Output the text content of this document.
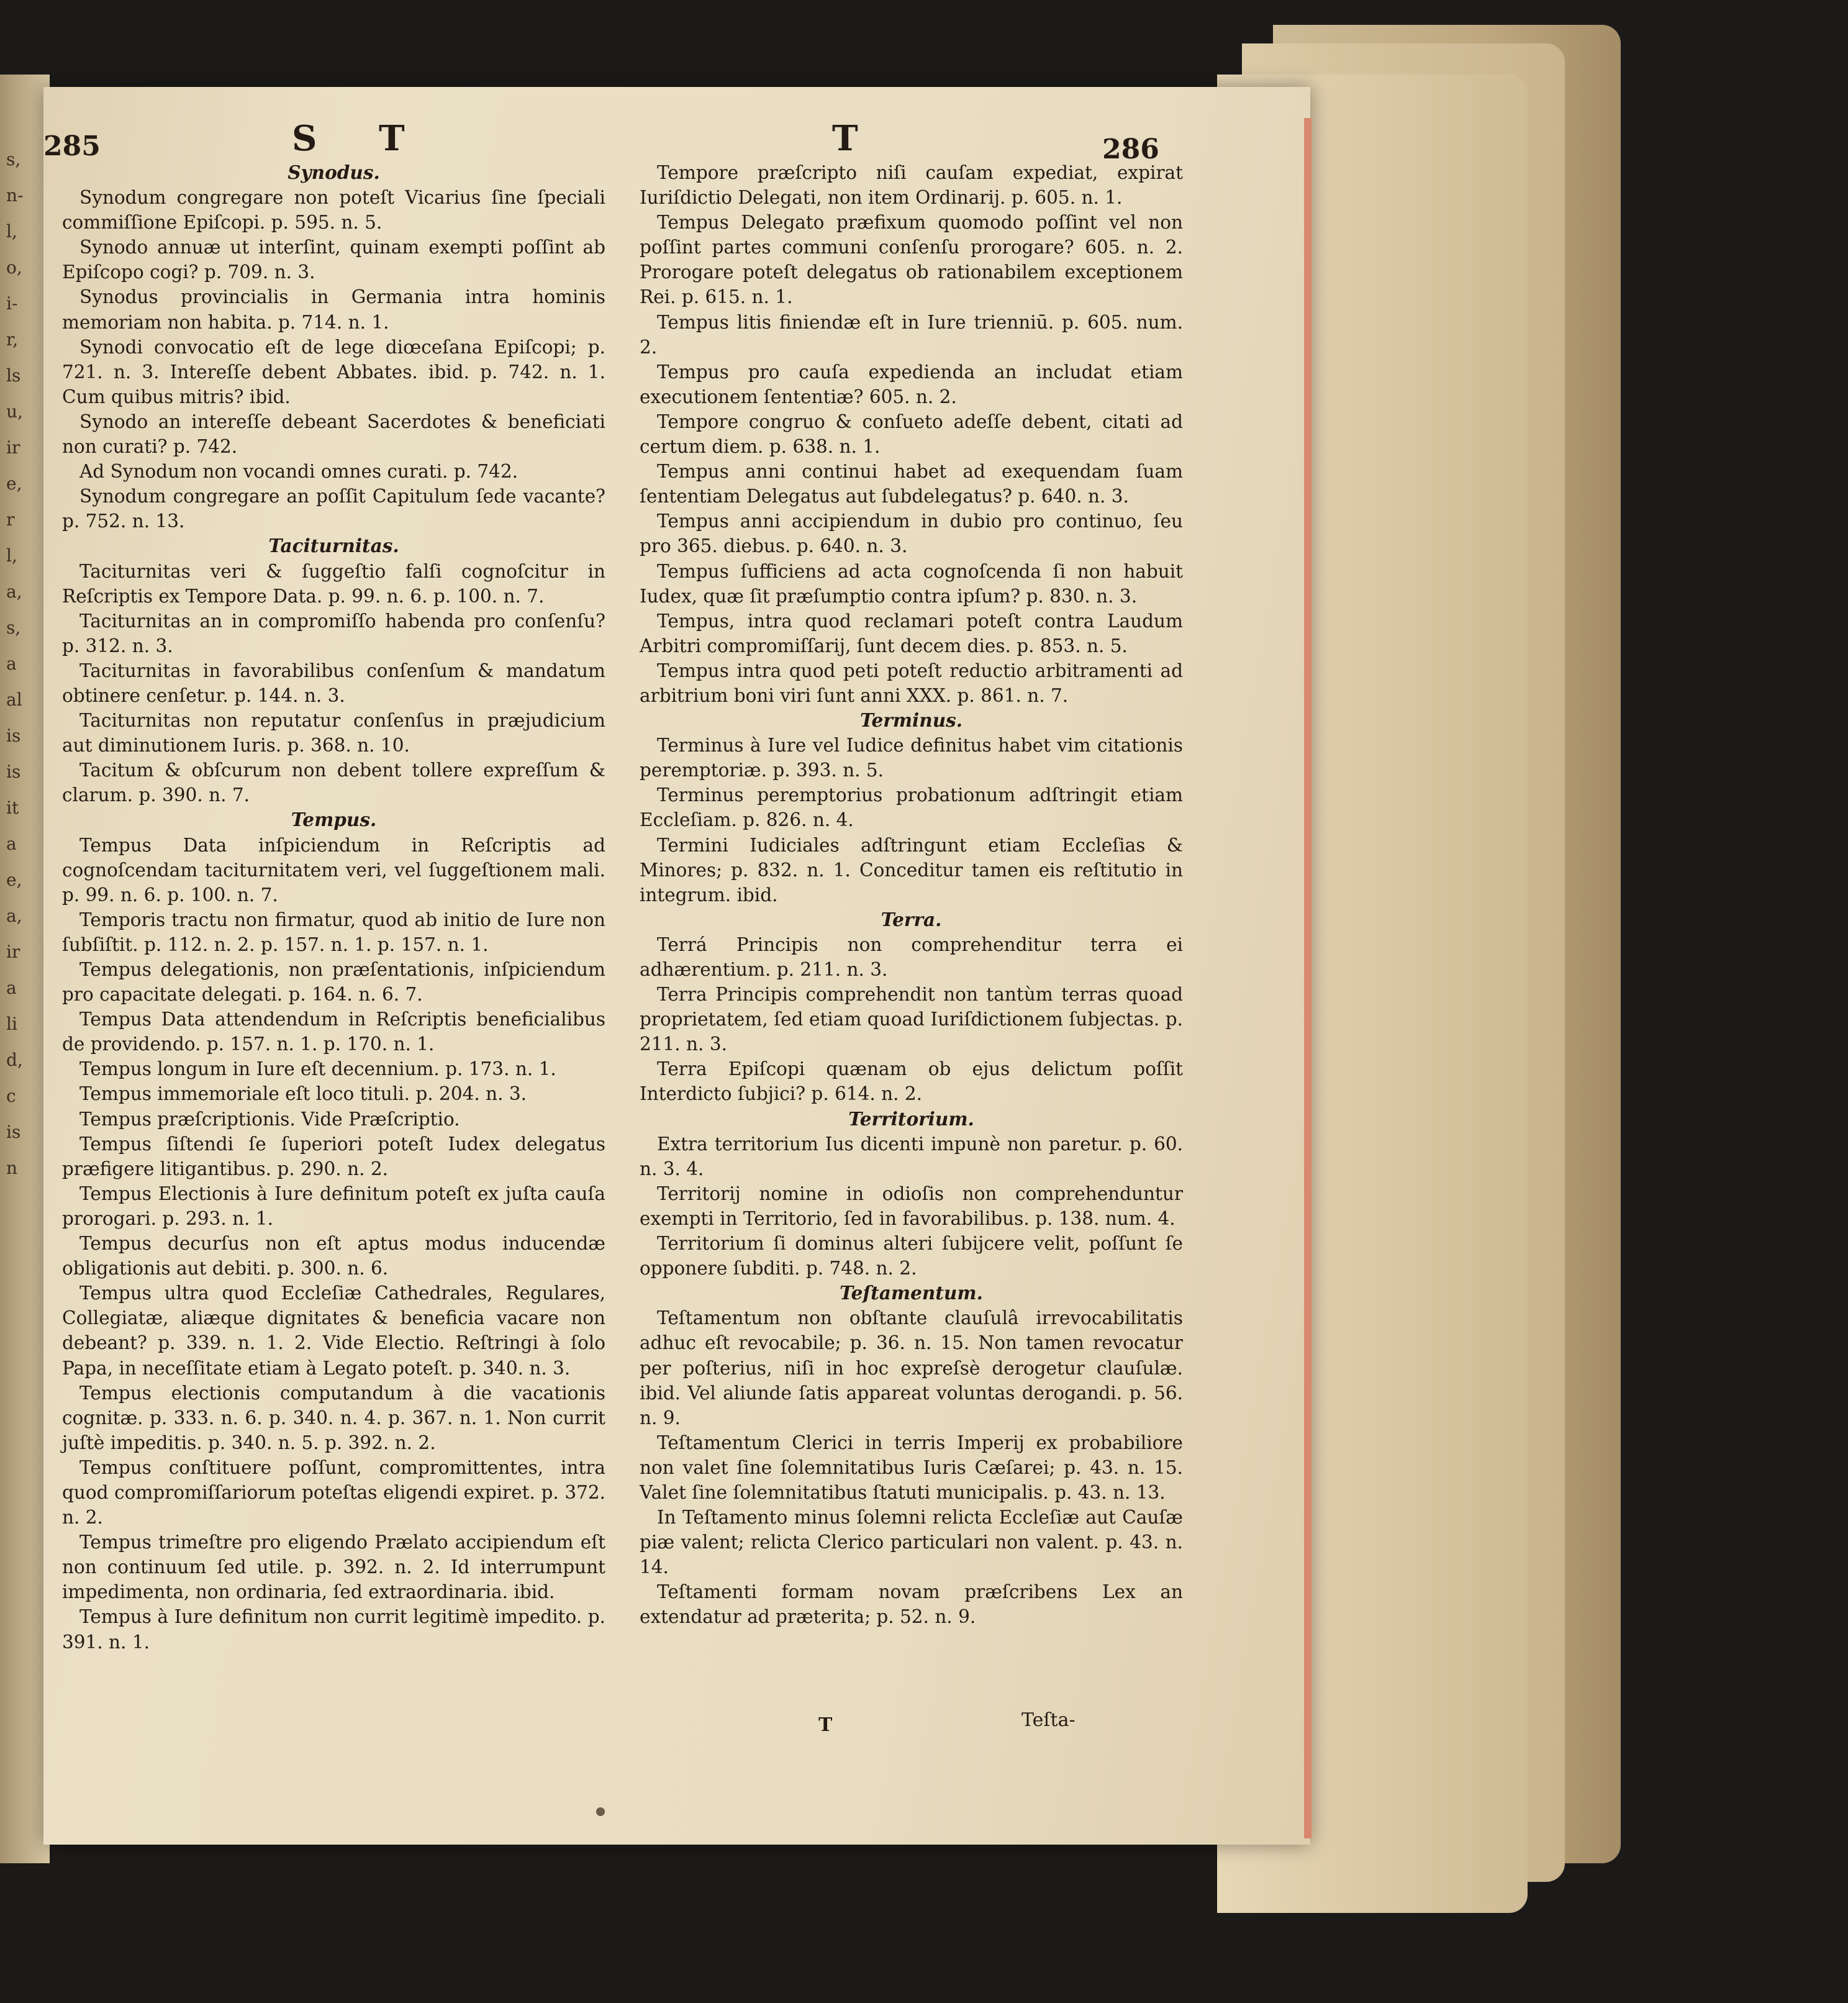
s,
n-
l,
o,
i-
r,
ls
u,
ir
e,
r
l,
a,
s,
a
al
is
is
it
a
e,
a,
ir
a
li
d,
c
is
n
285	S T	T	286
Synodus.

Synodum congregare non poteſt Vicarius ſine ſpeciali commiſſione Epiſcopi. p. 595. n. 5.

Synodo annuæ ut interſint, quinam exempti poſſint ab Epiſcopo cogi? p. 709. n. 3.

Synodus provincialis in Germania intra hominis memoriam non habita. p. 714. n. 1.

Synodi convocatio eſt de lege diœceſana Epiſcopi; p. 721. n. 3. Intereſſe debent Abbates. ibid. p. 742. n. 1. Cum quibus mitris? ibid.

Synodo an intereſſe debeant Sacerdotes & beneficiati non curati? p. 742.

Ad Synodum non vocandi omnes curati. p. 742.

Synodum congregare an poſſit Capitulum ſede vacante? p. 752. n. 13.

Taciturnitas.

Taciturnitas veri & ſuggeſtio falſi cognoſcitur in Reſcriptis ex Tempore Data. p. 99. n. 6. p. 100. n. 7.

Taciturnitas an in compromiſſo habenda pro conſenſu? p. 312. n. 3.

Taciturnitas in favorabilibus conſenſum & mandatum obtinere cenſetur. p. 144. n. 3.

Taciturnitas non reputatur conſenſus in præjudicium aut diminutionem Iuris. p. 368. n. 10.

Tacitum & obſcurum non debent tollere expreſſum & clarum. p. 390. n. 7.

Tempus.

Tempus Data inſpiciendum in Reſcriptis ad cognoſcendam taciturnitatem veri, vel ſuggeſtionem mali. p. 99. n. 6. p. 100. n. 7.

Temporis tractu non firmatur, quod ab initio de Iure non ſubſiſtit. p. 112. n. 2. p. 157. n. 1. p. 157. n. 1.

Tempus delegationis, non præſentationis, inſpiciendum pro capacitate delegati. p. 164. n. 6. 7.

Tempus Data attendendum in Reſcriptis beneficialibus de providendo. p. 157. n. 1. p. 170. n. 1.

Tempus longum in Iure eſt decennium. p. 173. n. 1.

Tempus immemoriale eſt loco tituli. p. 204. n. 3.

Tempus præſcriptionis. Vide Præſcriptio.

Tempus ſiſtendi ſe ſuperiori poteſt Iudex delegatus præfigere litigantibus. p. 290. n. 2.

Tempus Electionis à Iure definitum poteſt ex juſta cauſa prorogari. p. 293. n. 1.

Tempus decurſus non eſt aptus modus inducendæ obligationis aut debiti. p. 300. n. 6.

Tempus ultra quod Eccleſiæ Cathedrales, Regulares, Collegiatæ, aliæque dignitates & beneficia vacare non debeant? p. 339. n. 1. 2. Vide Electio. Reſtringi à ſolo Papa, in neceſſitate etiam à Legato poteſt. p. 340. n. 3.

Tempus electionis computandum à die vacationis cognitæ. p. 333. n. 6. p. 340. n. 4. p. 367. n. 1. Non currit juſtè impeditis. p. 340. n. 5. p. 392. n. 2.

Tempus conſtituere poſſunt, compromittentes, intra quod compromiſſariorum poteſtas eligendi expiret. p. 372. n. 2.

Tempus trimeſtre pro eligendo Prælato accipiendum eſt non continuum ſed utile. p. 392. n. 2. Id interrumpunt impedimenta, non ordinaria, ſed extraordinaria. ibid.

Tempus à Iure definitum non currit legitimè impedito. p. 391. n. 1.

Tempore præſcripto niſi cauſam expediat, expirat Iuriſdictio Delegati, non item Ordinarij. p. 605. n. 1.

Tempus Delegato præfixum quomodo poſſint vel non poſſint partes communi conſenſu prorogare? 605. n. 2. Prorogare poteſt delegatus ob rationabilem exceptionem Rei. p. 615. n. 1.

Tempus litis finiendæ eſt in Iure trienniū. p. 605. num. 2.

Tempus pro cauſa expedienda an includat etiam executionem ſententiæ? 605. n. 2.

Tempore congruo & conſueto adeſſe debent, citati ad certum diem. p. 638. n. 1.

Tempus anni continui habet ad exequendam ſuam ſententiam Delegatus aut ſubdelegatus? p. 640. n. 3.

Tempus anni accipiendum in dubio pro continuo, ſeu pro 365. diebus. p. 640. n. 3.

Tempus ſufficiens ad acta cognoſcenda ſi non habuit Iudex, quæ ſit præſumptio contra ipſum? p. 830. n. 3.

Tempus, intra quod reclamari poteſt contra Laudum Arbitri compromiſſarij, ſunt decem dies. p. 853. n. 5.

Tempus intra quod peti poteſt reductio arbitramenti ad arbitrium boni viri ſunt anni XXX. p. 861. n. 7.

Terminus.

Terminus à Iure vel Iudice definitus habet vim citationis peremptoriæ. p. 393. n. 5.

Terminus peremptorius probationum adſtringit etiam Eccleſiam. p. 826. n. 4.

Termini Iudiciales adſtringunt etiam Eccleſias & Minores; p. 832. n. 1. Conceditur tamen eis reſtitutio in integrum. ibid.

Terra.

Terrá Principis non comprehenditur terra ei adhærentium. p. 211. n. 3.

Terra Principis comprehendit non tantùm terras quoad proprietatem, ſed etiam quoad Iuriſdictionem ſubjectas. p. 211. n. 3.

Terra Epiſcopi quænam ob ejus delictum poſſit Interdicto ſubjici? p. 614. n. 2.

Territorium.

Extra territorium Ius dicenti impunè non paretur. p. 60. n. 3. 4.

Territorij nomine in odioſis non comprehenduntur exempti in Territorio, ſed in favorabilibus. p. 138. num. 4.

Territorium ſi dominus alteri ſubijcere velit, poſſunt ſe opponere ſubditi. p. 748. n. 2.

Teſtamentum.

Teſtamentum non obſtante clauſulâ irrevocabilitatis adhuc eſt revocabile; p. 36. n. 15. Non tamen revocatur per poſterius, niſi in hoc expreſsè derogetur clauſulæ. ibid. Vel aliunde ſatis appareat voluntas derogandi. p. 56. n. 9.

Teſtamentum Clerici in terris Imperij ex probabiliore non valet ſine ſolemnitatibus Iuris Cæſarei; p. 43. n. 15. Valet ſine ſolemnitatibus ſtatuti municipalis. p. 43. n. 13.

In Teſtamento minus ſolemni relicta Eccleſiæ aut Cauſæ piæ valent; relicta Clerico particulari non valent. p. 43. n. 14.

Teſtamenti formam novam præſcribens Lex an extendatur ad præterita; p. 52. n. 9.

T	Teſta-
